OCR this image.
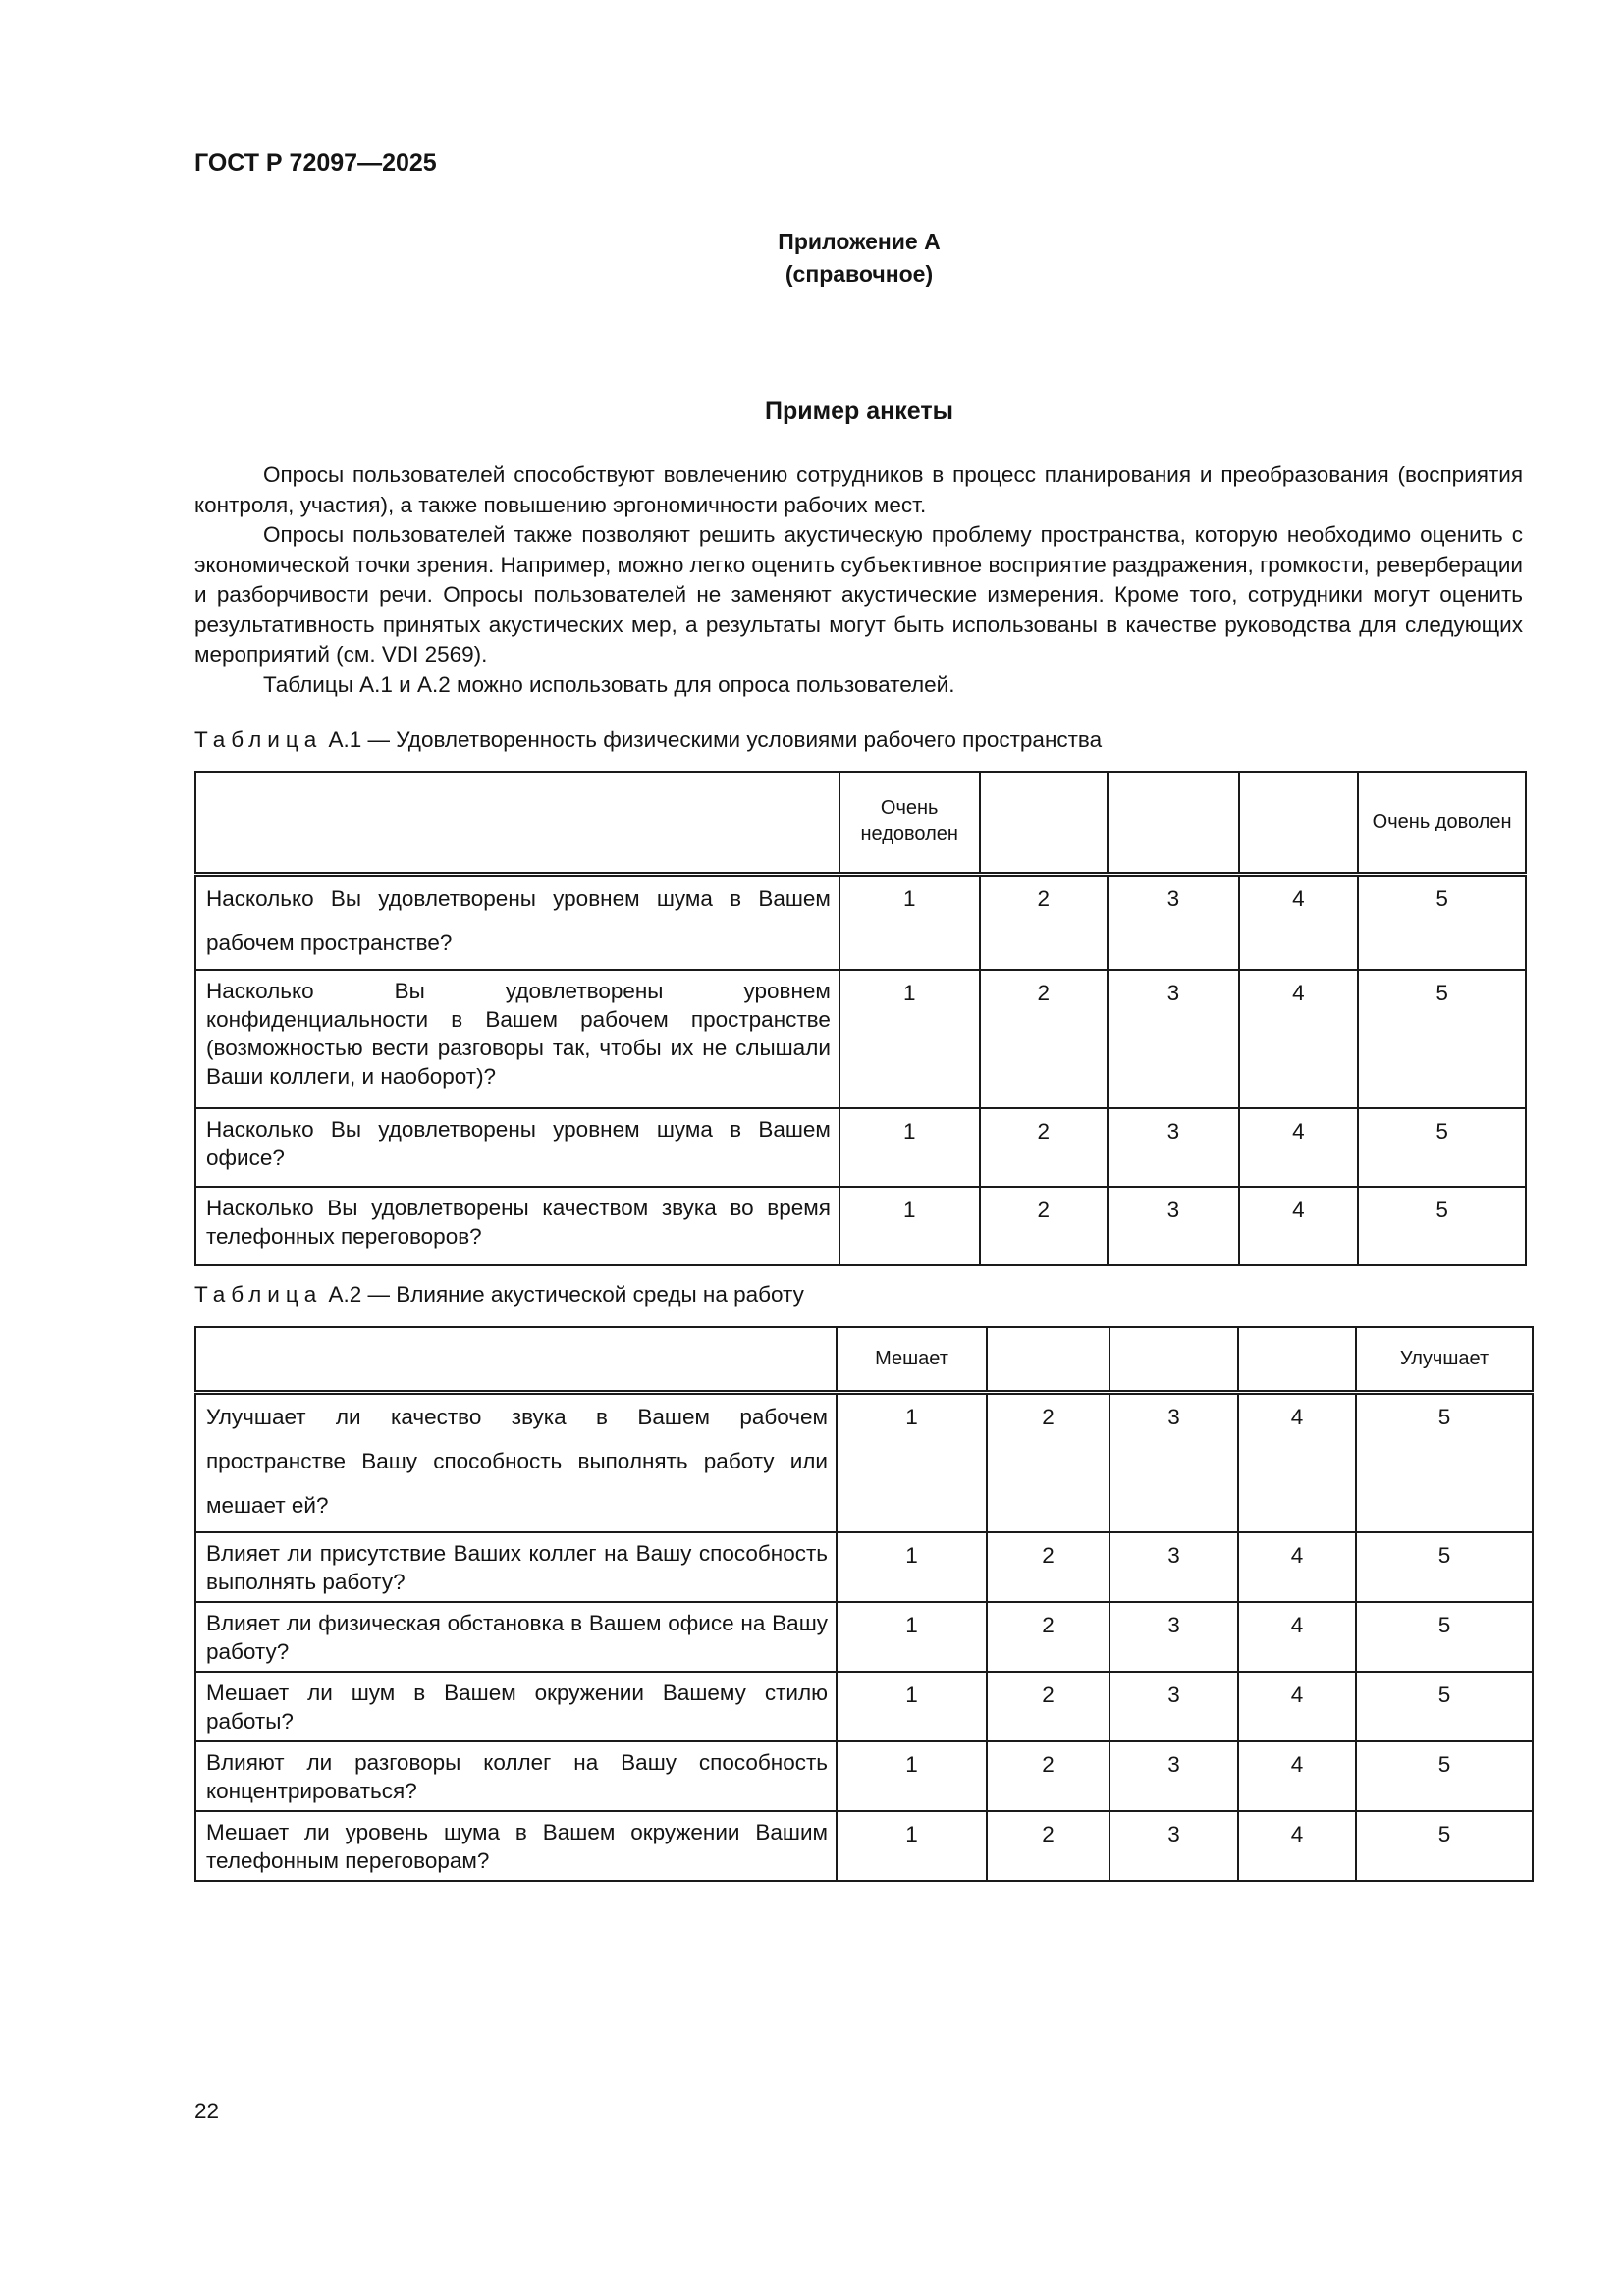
ГОСТ Р 72097—2025
Приложение А
(справочное)
Пример анкеты
Опросы пользователей способствуют вовлечению сотрудников в процесс планирования и преобразования (восприятия контроля, участия), а также повышению эргономичности рабочих мест.
Опросы пользователей также позволяют решить акустическую проблему пространства, которую необходимо оценить с экономической точки зрения. Например, можно легко оценить субъективное восприятие раздражения, громкости, реверберации и разборчивости речи. Опросы пользователей не заменяют акустические измерения. Кроме того, сотрудники могут оценить результативность принятых акустических мер, а результаты могут быть использованы в качестве руководства для следующих мероприятий (см. VDI 2569).
Таблицы А.1 и А.2 можно использовать для опроса пользователей.
Таблица А.1 — Удовлетворенность физическими условиями рабочего пространства
	Очень недоволен				Очень доволен
Насколько Вы удовлетворены уровнем шума в Вашем рабочем пространстве?	1	2	3	4	5
Насколько Вы удовлетворены уровнем конфиденциальности в Вашем рабочем пространстве (возможностью вести разговоры так, чтобы их не слышали Ваши коллеги, и наоборот)?	1	2	3	4	5
Насколько Вы удовлетворены уровнем шума в Вашем офисе?	1	2	3	4	5
Насколько Вы удовлетворены качеством звука во время телефонных переговоров?	1	2	3	4	5
Таблица А.2 — Влияние акустической среды на работу
	Мешает				Улучшает
Улучшает ли качество звука в Вашем рабочем пространстве Вашу способность выполнять работу или мешает ей?	1	2	3	4	5
Влияет ли присутствие Ваших коллег на Вашу способность выполнять работу?	1	2	3	4	5
Влияет ли физическая обстановка в Вашем офисе на Вашу работу?	1	2	3	4	5
Мешает ли шум в Вашем окружении Вашему стилю работы?	1	2	3	4	5
Влияют ли разговоры коллег на Вашу способность концентрироваться?	1	2	3	4	5
Мешает ли уровень шума в Вашем окружении Вашим телефонным переговорам?	1	2	3	4	5
22
